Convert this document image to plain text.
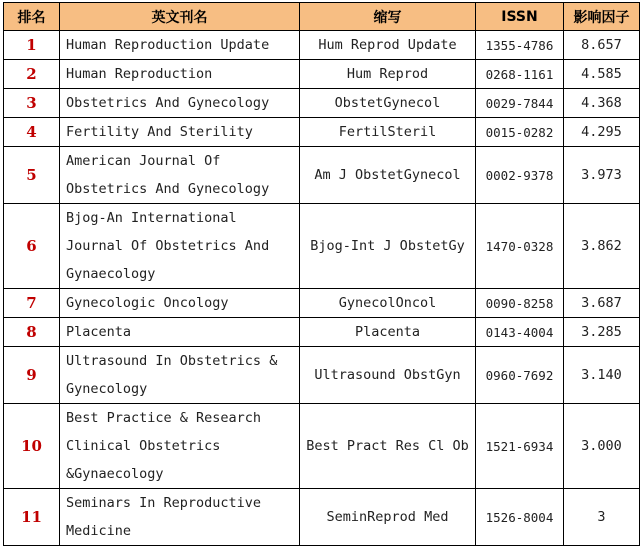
排名	英文刊名	缩写	ISSN	影响因子
1	Human Reproduction Update	Hum Reprod Update	1355-4786	8.657
2	Human Reproduction	Hum Reprod	0268-1161	4.585
3	Obstetrics And Gynecology	ObstetGynecol	0029-7844	4.368
4	Fertility And Sterility	FertilSteril	0015-0282	4.295
5	American Journal Of Obstetrics And Gynecology	Am J ObstetGynecol	0002-9378	3.973
6	Bjog-An International Journal Of Obstetrics And Gynaecology	Bjog-Int J ObstetGy	1470-0328	3.862
7	Gynecologic Oncology	GynecolOncol	0090-8258	3.687
8	Placenta	Placenta	0143-4004	3.285
9	Ultrasound In Obstetrics & Gynecology	Ultrasound ObstGyn	0960-7692	3.140
10	Best Practice & Research Clinical Obstetrics &Gynaecology	Best Pract Res Cl Ob	1521-6934	3.000
11	Seminars In Reproductive Medicine	SeminReprod Med	1526-8004	3
